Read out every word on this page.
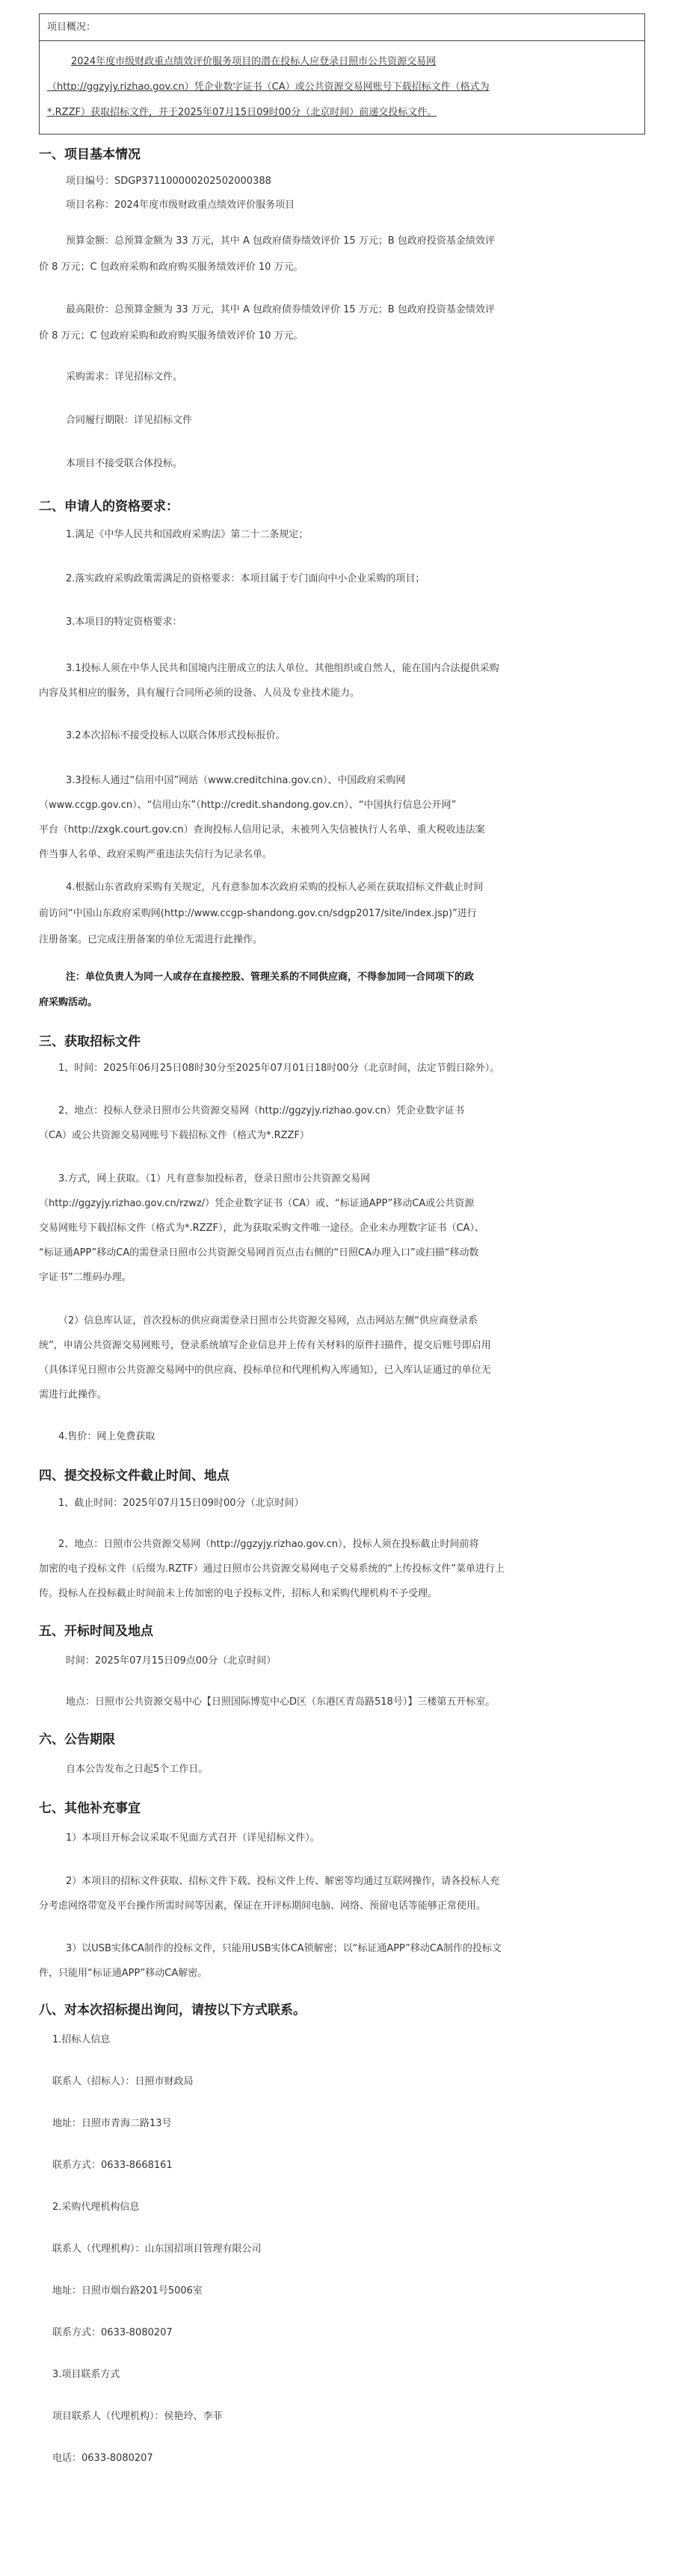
项目概况：
2024年度市级财政重点绩效评价服务项目的潜在投标人应登录日照市公共资源交易网
（http://ggzyjy.rizhao.gov.cn）凭企业数字证书（CA）或公共资源交易网账号下载招标文件（格式为
*.RZZF）获取招标文件，并于2025年07月15日09时00分（北京时间）前递交投标文件。
一、项目基本情况
项目编号：SDGP371100000202502000388
项目名称：2024年度市级财政重点绩效评价服务项目
预算金额：总预算金额为 33 万元，其中 A 包政府债券绩效评价 15 万元；B 包政府投资基金绩效评
价 8 万元；C 包政府采购和政府购买服务绩效评价 10 万元。
最高限价：总预算金额为 33 万元，其中 A 包政府债券绩效评价 15 万元；B 包政府投资基金绩效评
价 8 万元；C 包政府采购和政府购买服务绩效评价 10 万元。
采购需求：详见招标文件。
合同履行期限：详见招标文件
本项目不接受联合体投标。
二、申请人的资格要求：
1.满足《中华人民共和国政府采购法》第二十二条规定；
2.落实政府采购政策需满足的资格要求：本项目属于专门面向中小企业采购的项目；
3.本项目的特定资格要求：
3.1投标人须在中华人民共和国境内注册成立的法人单位、其他组织或自然人，能在国内合法提供采购
内容及其相应的服务，具有履行合同所必须的设备、人员及专业技术能力。
3.2本次招标不接受投标人以联合体形式投标报价。
3.3投标人通过“信用中国”网站（www.creditchina.gov.cn）、中国政府采购网
（www.ccgp.gov.cn）、“信用山东”（http://credit.shandong.gov.cn）、“中国执行信息公开网”
平台（http://zxgk.court.gov.cn）查询投标人信用记录，未被列入失信被执行人名单、重大税收违法案
件当事人名单、政府采购严重违法失信行为记录名单。
4.根据山东省政府采购有关规定，凡有意参加本次政府采购的投标人必须在获取招标文件截止时间
前访问“中国山东政府采购网(http://www.ccgp-shandong.gov.cn/sdgp2017/site/index.jsp)”进行
注册备案。已完成注册备案的单位无需进行此操作。
注：单位负责人为同一人或存在直接控股、管理关系的不同供应商，不得参加同一合同项下的政
府采购活动。
三、获取招标文件
1、时间：2025年06月25日08时30分至2025年07月01日18时00分（北京时间，法定节假日除外）。
2、地点：投标人登录日照市公共资源交易网（http://ggzyjy.rizhao.gov.cn）凭企业数字证书
（CA）或公共资源交易网账号下载招标文件（格式为*.RZZF）
3.方式，网上获取。（1）凡有意参加投标者，登录日照市公共资源交易网
（http://ggzyjy.rizhao.gov.cn/rzwz/）凭企业数字证书（CA）或、“标证通APP”移动CA或公共资源
交易网账号下载招标文件（格式为*.RZZF），此为获取采购文件唯一途径。企业未办理数字证书（CA）、
“标证通APP”移动CA的需登录日照市公共资源交易网首页点击右侧的“日照CA办理入口”或扫描“移动数
字证书”二维码办理。
（2）信息库认证，首次投标的供应商需登录日照市公共资源交易网，点击网站左侧“供应商登录系
统”，申请公共资源交易网账号，登录系统填写企业信息并上传有关材料的原件扫描件，提交后账号即启用
（具体详见日照市公共资源交易网中的供应商、投标单位和代理机构入库通知），已入库认证通过的单位无
需进行此操作。
4.售价：网上免费获取
四、提交投标文件截止时间、地点
1、截止时间：2025年07月15日09时00分（北京时间）
2、地点：日照市公共资源交易网（http://ggzyjy.rizhao.gov.cn），投标人须在投标截止时间前将
加密的电子投标文件（后缀为.RZTF）通过日照市公共资源交易网电子交易系统的“上传投标文件”菜单进行上
传。投标人在投标截止时间前未上传加密的电子投标文件，招标人和采购代理机构不予受理。
五、开标时间及地点
时间：2025年07月15日09点00分（北京时间）
地点：日照市公共资源交易中心【日照国际博览中心D区（东港区青岛路518号）】三楼第五开标室。
六、公告期限
自本公告发布之日起5个工作日。
七、其他补充事宜
1）本项目开标会议采取不见面方式召开（详见招标文件）。
2）本项目的招标文件获取、招标文件下载、投标文件上传、解密等均通过互联网操作，请各投标人充
分考虑网络带宽及平台操作所需时间等因素，保证在开评标期间电脑、网络、预留电话等能够正常使用。
3）以USB实体CA制作的投标文件，只能用USB实体CA锁解密；以“标证通APP”移动CA制作的投标文
件，只能用“标证通APP”移动CA解密。
八、对本次招标提出询问，请按以下方式联系。
1.招标人信息
联系人（招标人）：日照市财政局
地址：日照市青海二路13号
联系方式：0633-8668161
2.采购代理机构信息
联系人（代理机构）：山东国招项目管理有限公司
地址：日照市烟台路201号5006室
联系方式：0633-8080207
3.项目联系方式
项目联系人（代理机构）：侯艳玲、李菲
电话：0633-8080207
